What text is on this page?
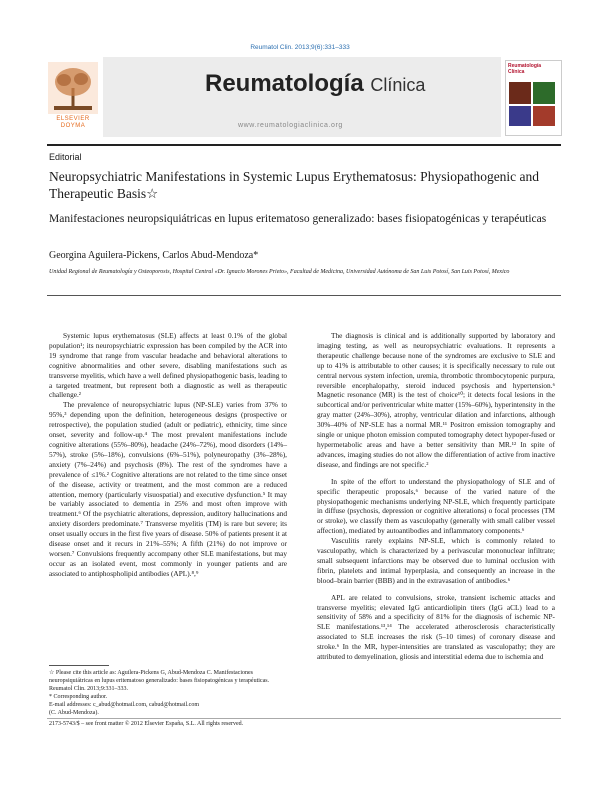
Reumatol Clin. 2013;9(6):331–333
ELSEVIER
DOYMA
Reumatología Clínica
www.reumatologiaclinica.org
Reumatología Clínica
Editorial
Neuropsychiatric Manifestations in Systemic Lupus Erythematosus: Physiopathogenic and Therapeutic Basis☆
Manifestaciones neuropsiquiátricas en lupus eritematoso generalizado: bases fisiopatogénicas y terapéuticas
Georgina Aguilera-Pickens, Carlos Abud-Mendoza*
Unidad Regional de Reumatología y Osteoporosis, Hospital Central «Dr. Ignacio Morones Prieto», Facultad de Medicina, Universidad Autónoma de San Luis Potosí, San Luis Potosí, Mexico

Systemic lupus erythematosus (SLE) affects at least 0.1% of the global population¹; its neuropsychiatric expression has been compiled by the ACR into 19 syndrome that range from vascular headache and behavioral alterations to cognitive abnormalities and other severe, disabling manifestations such as transverse myelitis, which have a well defined physiopathogenic basis, leading to a targeted treatment, but represent both a diagnostic as well as therapeutic challenge.²

The prevalence of neuropsychiatric lupus (NP-SLE) varies from 37% to 95%,³ depending upon the definition, heterogeneous designs (prospective or retrospective), the population studied (adult or pediatric), ethnicity, time since onset, severity and follow-up.⁴ The most prevalent manifestations include cognitive alterations (55%–80%), headache (24%–72%), mood disorders (14%–57%), stroke (5%–18%), convulsions (6%–51%), polyneuropathy (3%–28%), anxiety (7%–24%) and psychosis (8%). The rest of the syndromes have a prevalence of ≤1%.² Cognitive alterations are not related to the time since onset of the disease, activity or treatment, and the most common are a reduced attention, memory (particularly visuospatial) and executive dysfunction.⁵ It may be variably associated to dementia in 25% and most often improve with treatment.⁶ Of the psychiatric alterations, depression, auditory hallucinations and anxiety disorders predominate.⁷ Transverse myelitis (TM) is rare but severe; its onset usually occurs in the first five years of disease. 50% of patients present it at disease onset and it recurs in 21%–55%; A fifth (21%) do not improve or worsen.⁷ Convulsions frequently accompany other SLE manifestations, but may occur as an isolated event, most commonly in younger patients and are associated to antiphospholipid antibodies (APL).⁸,⁹

The diagnosis is clinical and is additionally supported by laboratory and imaging testing, as well as neuropsychiatric evaluations. It represents a therapeutic challenge because none of the syndromes are exclusive to SLE and up to 41% is attributable to other causes; it is specifically necessary to rule out central nervous system infection, uremia, thrombotic thrombocytopenic purpura, reversible encephalopathy, steroid induced psychosis and hypertension.⁶ Magnetic resonance (MR) is the test of choice¹⁰; it detects focal lesions in the subcortical and/or periventricular white matter (15%–60%), hyperintensity in the gray matter (24%–30%), atrophy, ventricular dilation and infarctions, although 30%–40% of NP-SLE has a normal MR.¹¹ Positron emission tomography and single or unique photon emission computed tomography detect hypoper-fused or hypermetabolic areas and have a better sensitivity than MR.¹² In spite of advances, imaging studies do not allow the differentiation of active from inactive disease, and findings are not specific.²

In spite of the effort to understand the physiopathology of SLE and of specific therapeutic proposals,⁶ because of the varied nature of the physiopathogenic mechanisms underlying NP-SLE, which frequently participate in diffuse (psychosis, depression or cognitive alterations) o focal processes (TM or stroke), we classify them as vasculopathy (generally with small caliber vessel affection), mediated by autoantibodies and inflammatory components.⁶

Vasculitis rarely explains NP-SLE, which is commonly related to vasculopathy, which is characterized by a perivascular mononuclear infiltrate; small subsequent infarctions may be observed due to luminal occlusion with fibrin, platelets and intimal hyperplasia, and consequently an increase in the blood–brain barrier (BBB) and in the extravasation of antibodies.⁶

APL are related to convulsions, stroke, transient ischemic attacks and transverse myelitis; elevated IgG anticardiolipin titers (IgG aCL) lead to a sensitivity of 58% and a specificity of 81% for the diagnosis of ischemic NP-SLE manifestations.¹³,¹⁴ The accelerated atherosclerosis characteristically associated to SLE increases the risk (5–10 times) of coronary disease and stroke.⁶ In the MR, hyper-intensities are translated as vasculopathy; they are attributed to demyelination, gliosis and interstitial edema due to ischemia and

☆ Please cite this article as: Aguilera-Pickens G, Abud-Mendoza C. Manifestaciones neuropsiquiátricas en lupus eritematoso generalizado: bases fisiopatogénicas y terapéuticas. Reumatol Clin. 2013;9:331–333.
* Corresponding author.
E-mail addresses: c_abud@hotmail.com, cabud@hotmail.com
(C. Abud-Mendoza).
2173-5743/$ – see front matter © 2012 Elsevier España, S.L. All rights reserved.
